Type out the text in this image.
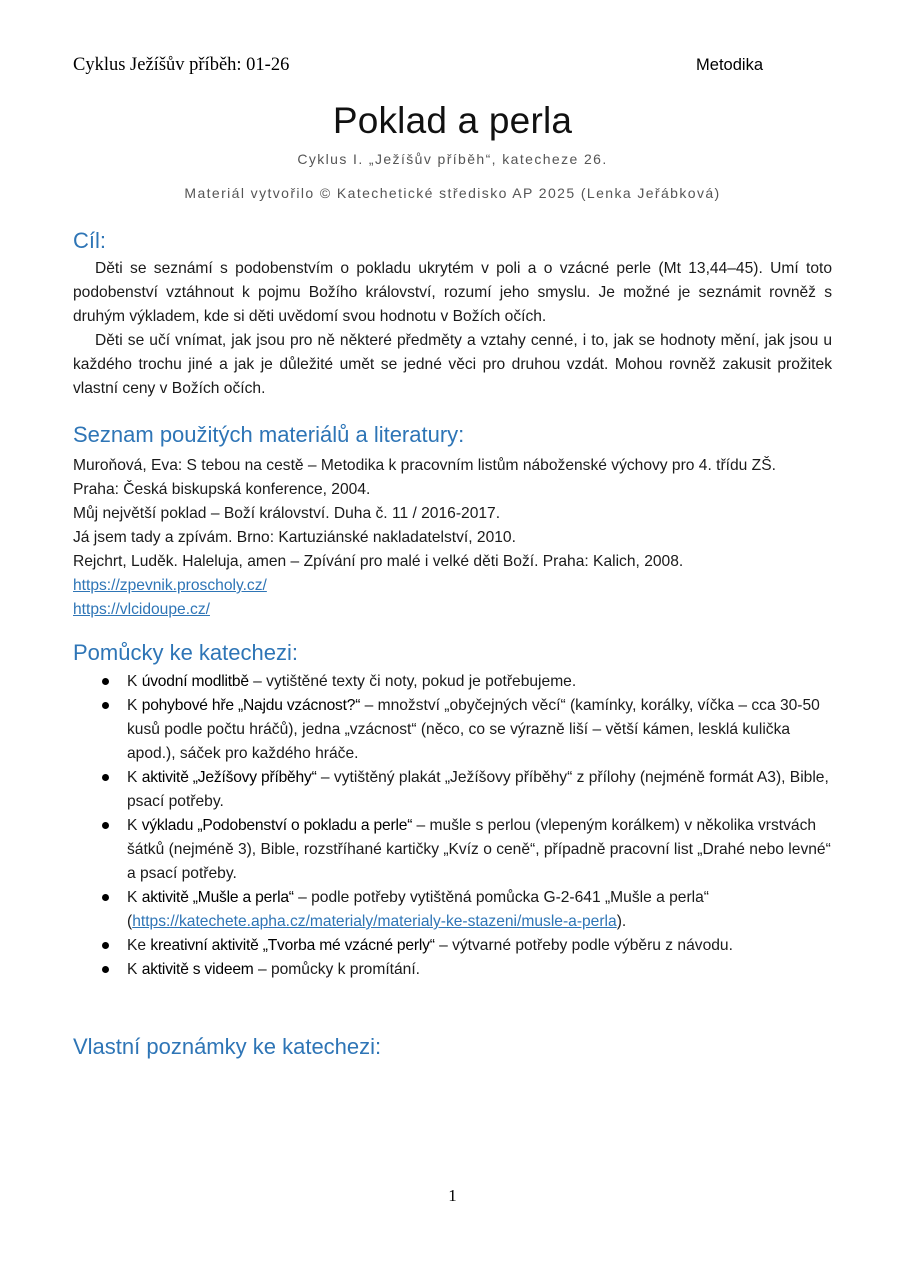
Cyklus Ježíšův příběh: 01-26	Metodika
Poklad a perla
Cyklus I. „Ježíšův příběh“, katecheze 26.
Materiál vytvořilo © Katechetické středisko AP 2025 (Lenka Jeřábková)
Cíl:

Děti se seznámí s podobenstvím o pokladu ukrytém v poli a o vzácné perle (Mt 13,44–45). Umí toto podobenství vztáhnout k pojmu Božího království, rozumí jeho smyslu. Je možné je seznámit rovněž s druhým výkladem, kde si děti uvědomí svou hodnotu v Božích očích.

Děti se učí vnímat, jak jsou pro ně některé předměty a vztahy cenné, i to, jak se hodnoty mění, jak jsou u každého trochu jiné a jak je důležité umět se jedné věci pro druhou vzdát. Mohou rovněž zakusit prožitek vlastní ceny v Božích očích.

Seznam použitých materiálů a literatury:
Muroňová, Eva: S tebou na cestě – Metodika k pracovním listům náboženské výchovy pro 4. třídu ZŠ.
Praha: Česká biskupská konference, 2004.
Můj největší poklad – Boží království. Duha č. 11 / 2016-2017.
Já jsem tady a zpívám. Brno: Kartuziánské nakladatelství, 2010.
Rejchrt, Luděk. Haleluja, amen – Zpívání pro malé i velké děti Boží. Praha: Kalich, 2008.
https://zpevnik.proscholy.cz/
https://vlcidoupe.cz/
Pomůcky ke katechezi:
K úvodní modlitbě – vytištěné texty či noty, pokud je potřebujeme.
K pohybové hře „Najdu vzácnost?“ – množství „obyčejných věcí“ (kamínky, korálky, víčka – cca 30-50 kusů podle počtu hráčů), jedna „vzácnost“ (něco, co se výrazně liší – větší kámen, lesklá kulička apod.), sáček pro každého hráče.
K aktivitě „Ježíšovy příběhy“ – vytištěný plakát „Ježíšovy příběhy“ z přílohy (nejméně formát A3), Bible, psací potřeby.
K výkladu „Podobenství o pokladu a perle“ – mušle s perlou (vlepeným korálkem) v několika vrstvách šátků (nejméně 3), Bible, rozstříhané kartičky „Kvíz o ceně“, případně pracovní list „Drahé nebo levné“ a psací potřeby.
K aktivitě „Mušle a perla“ – podle potřeby vytištěná pomůcka G-2-641 „Mušle a perla“ (https://katechete.apha.cz/materialy/materialy-ke-stazeni/musle-a-perla).
Ke kreativní aktivitě „Tvorba mé vzácné perly“ – výtvarné potřeby podle výběru z návodu.
K aktivitě s videem – pomůcky k promítání.
Vlastní poznámky ke katechezi:
1
